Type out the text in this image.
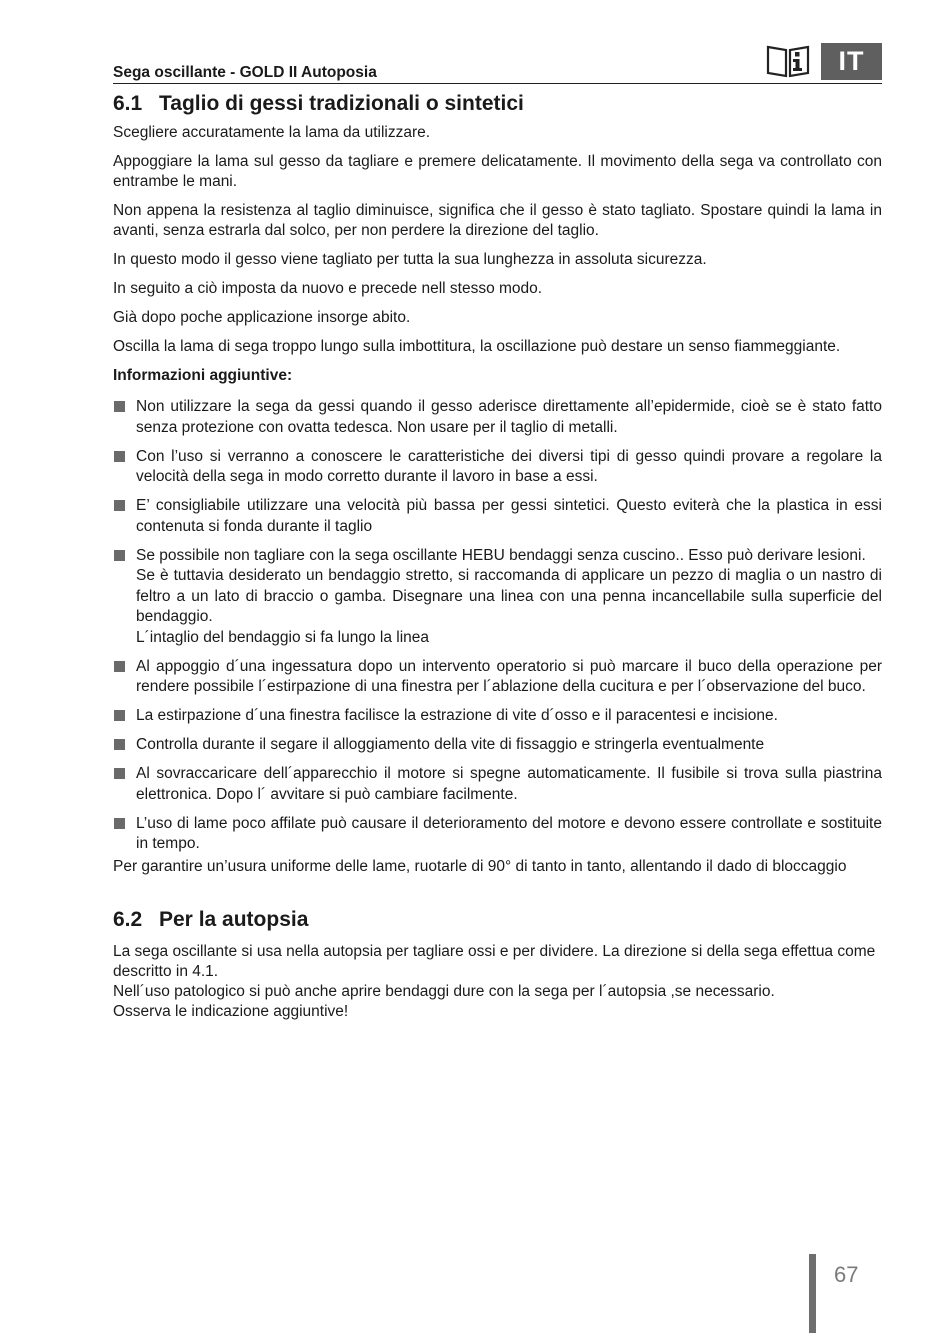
Sega oscillante - GOLD II Autoposia	IT
6.1 Taglio di gessi tradizionali o sintetici

Scegliere accuratamente la lama da utilizzare.

Appoggiare la lama sul gesso da tagliare e premere delicatamente. Il movimento della sega va controllato con entrambe le mani.

Non appena la resistenza al taglio diminuisce, significa che il gesso è stato tagliato. Spostare quindi la lama in avanti, senza estrarla dal solco, per non perdere la direzione del taglio.

In questo modo il gesso viene tagliato per tutta la sua lunghezza in assoluta sicurezza.

In seguito a ciò imposta da nuovo e precede nell stesso modo.

Già dopo poche applicazione insorge abito.

Oscilla la lama di sega troppo lungo sulla imbottitura, la oscillazione può destare un senso fiammeggiante.

Informazioni aggiuntive:

Non utilizzare la sega da gessi quando il gesso aderisce direttamente all’epidermide, cioè se è stato fatto senza protezione con ovatta tedesca. Non usare per il taglio di metalli.
Con l’uso si verranno a conoscere le caratteristiche dei diversi tipi di gesso quindi provare a regolare la velocità della sega in modo corretto durante il lavoro in base a essi.
E’ consigliabile utilizzare una velocità più bassa per gessi sintetici. Questo eviterà che la plastica in essi contenuta si fonda durante il taglio
Se possibile non tagliare con la sega oscillante HEBU bendaggi senza cuscino.. Esso può derivare lesioni.
Se è tuttavia desiderato un bendaggio stretto, si raccomanda di applicare un pezzo di maglia o un nastro di feltro a un lato di braccio o gamba. Disegnare una linea con una penna incancellabile sulla superficie del bendaggio.
L´intaglio del bendaggio si fa lungo la linea
Al appoggio d´una ingessatura dopo un intervento operatorio si può marcare il buco della operazione per rendere possibile l´estirpazione di una finestra per l´ablazione della cucitura e per l´observazione del buco.
La estirpazione d´una finestra facilisce la estrazione di vite d´osso e il paracentesi e incisione.
Controlla durante il segare il alloggiamento della vite di fissaggio e stringerla eventualmente
Al sovraccaricare dell´apparecchio il motore si spegne automaticamente. Il fusibile si trova sulla piastrina elettronica. Dopo l´ avvitare si può cambiare facilmente.
L’uso di lame poco affilate può causare il deterioramento del motore e devono essere controllate e sostituite in tempo.

Per garantire un’usura uniforme delle lame, ruotarle di 90° di tanto in tanto, allentando il dado di bloccaggio

6.2 Per la autopsia

La sega oscillante si usa nella autopsia per tagliare ossi e per dividere. La direzione si della sega effettua come descritto in 4.1.

Nell´uso patologico si può anche aprire bendaggi dure con la sega per l´autopsia ,se necessario.

Osserva le indicazione aggiuntive!

67
